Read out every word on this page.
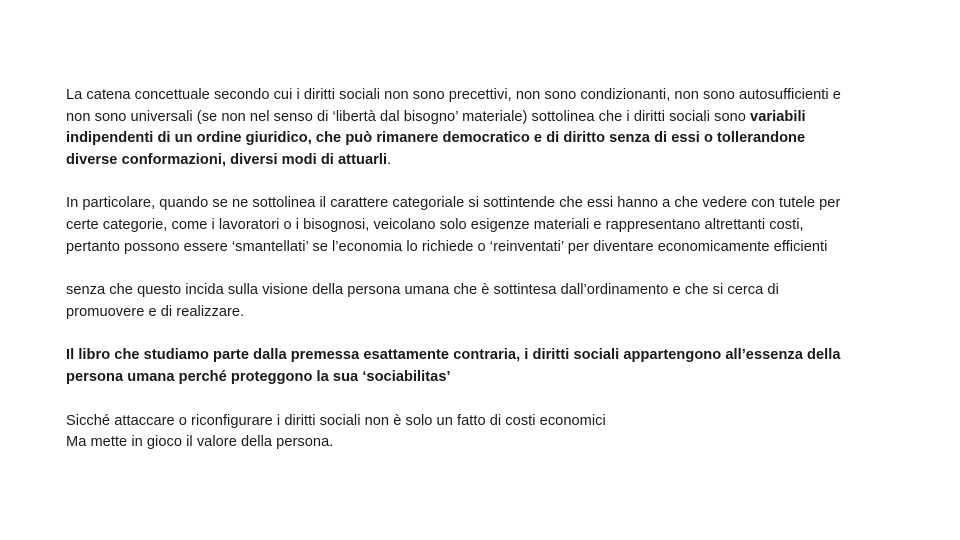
La catena concettuale secondo cui i diritti sociali non sono precettivi, non sono condizionanti, non sono autosufficienti e non sono universali (se non nel senso di ‘libertà dal bisogno’ materiale) sottolinea che i diritti sociali sono variabili indipendenti di un ordine giuridico, che può rimanere democratico e di diritto senza di essi o tollerandone diverse conformazioni, diversi modi di attuarli.

In particolare, quando se ne sottolinea il carattere categoriale si sottintende che essi hanno a che vedere con tutele per certe categorie, come i lavoratori o i bisognosi, veicolano solo esigenze materiali e rappresentano altrettanti costi, pertanto possono essere ‘smantellati’ se l’economia lo richiede o ‘reinventati’ per diventare economicamente efficienti

senza che questo incida sulla visione della persona umana che è sottintesa dall’ordinamento e che si cerca di promuovere e di realizzare.

Il libro che studiamo parte dalla premessa esattamente contraria, i diritti sociali appartengono all’essenza della persona umana perché proteggono la sua ‘sociabilitas’

Sicché attaccare o riconfigurare i diritti sociali non è solo un fatto di costi economici
Ma mette in gioco il valore della persona.
